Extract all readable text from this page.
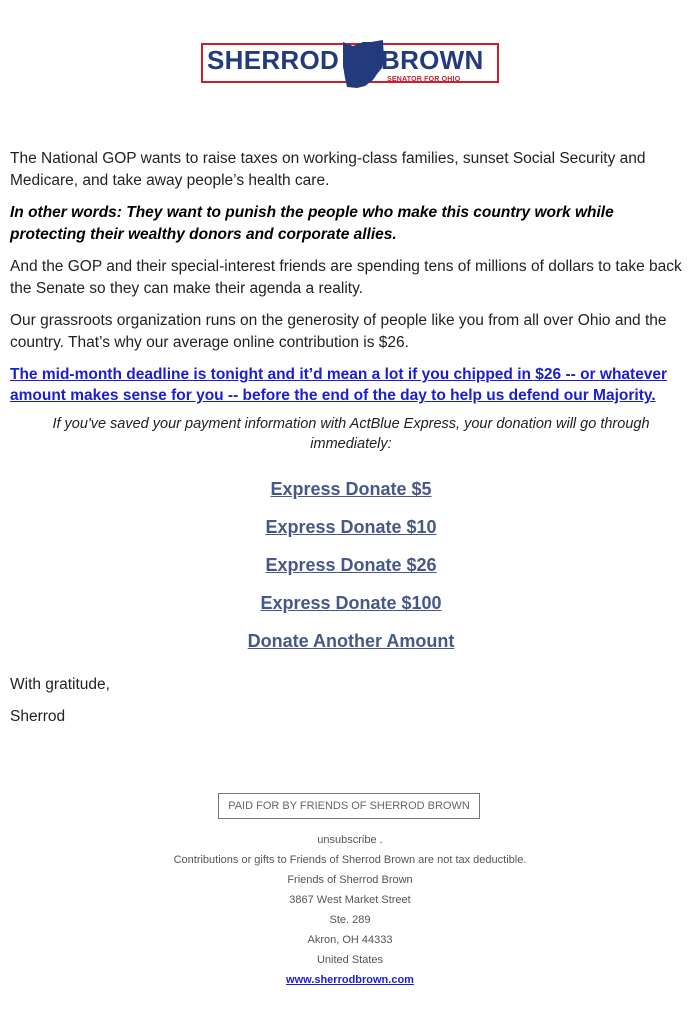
SHERROD BROWN
SENATOR FOR OHIO

The National GOP wants to raise taxes on working-class families, sunset Social Security and Medicare, and take away people’s health care.

In other words: They want to punish the people who make this country work while protecting their wealthy donors and corporate allies.

And the GOP and their special-interest friends are spending tens of millions of dollars to take back the Senate so they can make their agenda a reality.

Our grassroots organization runs on the generosity of people like you from all over Ohio and the country. That’s why our average online contribution is $26.

The mid-month deadline is tonight and it’d mean a lot if you chipped in $26 -- or whatever amount makes sense for you -- before the end of the day to help us defend our Majority.

If you've saved your payment information with ActBlue Express, your donation will go through immediately:

Express Donate $5
Express Donate $10
Express Donate $26
Express Donate $100
Donate Another Amount

With gratitude,

Sherrod

PAID FOR BY FRIENDS OF SHERROD BROWN
unsubscribe .
Contributions or gifts to Friends of Sherrod Brown are not tax deductible.
Friends of Sherrod Brown
3867 West Market Street
Ste. 289
Akron, OH 44333
United States
www.sherrodbrown.com
